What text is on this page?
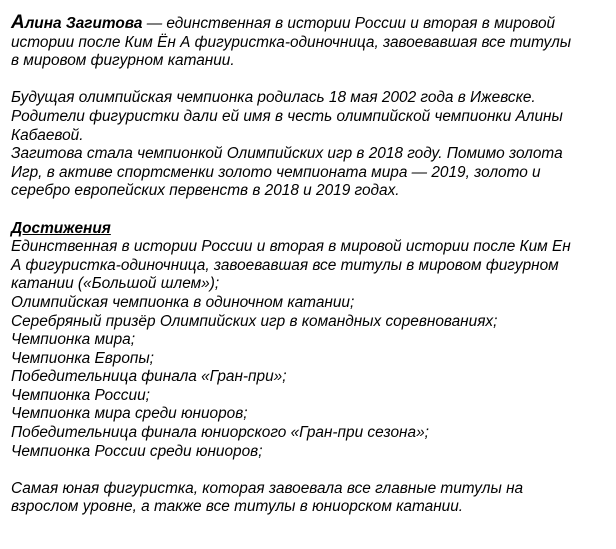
Алина Загитова — единственная в истории России и вторая в мировой
истории после Ким Ён А фигуристка-одиночница, завоевавшая все титулы
в мировом фигурном катании.
Будущая олимпийская чемпионка родилась 18 мая 2002 года в Ижевске.
Родители фигуристки дали ей имя в честь олимпийской чемпионки Алины
Кабаевой.
Загитова стала чемпионкой Олимпийских игр в 2018 году. Помимо золота
Игр, в активе спортсменки золото чемпионата мира — 2019, золото и
серебро европейских первенств в 2018 и 2019 годах.
Достижения
Единственная в истории России и вторая в мировой истории после Ким Ен
А фигуристка-одиночница, завоевавшая все титулы в мировом фигурном
катании («Большой шлем»);
Олимпийская чемпионка в одиночном катании;
Серебряный призёр Олимпийских игр в командных соревнованиях;
Чемпионка мира;
Чемпионка Европы;
Победительница финала «Гран-при»;
Чемпионка России;
Чемпионка мира среди юниоров;
Победительница финала юниорского «Гран-при сезона»;
Чемпионка России среди юниоров;
Самая юная фигуристка, которая завоевала все главные титулы на
взрослом уровне, а также все титулы в юниорском катании.
